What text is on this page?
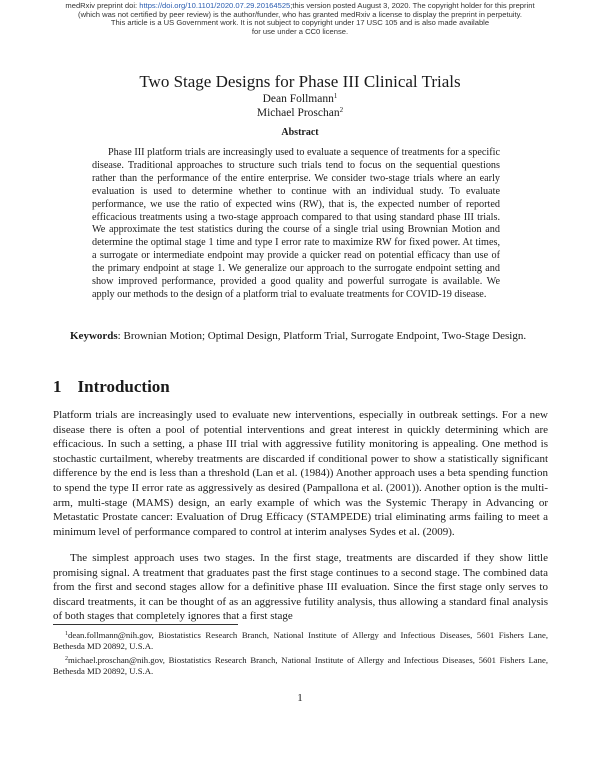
medRxiv preprint doi: https://doi.org/10.1101/2020.07.29.20164525;this version posted August 3, 2020. The copyright holder for this preprint
(which was not certified by peer review) is the author/funder, who has granted medRxiv a license to display the preprint in perpetuity.
This article is a US Government work. It is not subject to copyright under 17 USC 105 and is also made available
for use under a CC0 license.
Two Stage Designs for Phase III Clinical Trials
Dean Follmann$^1$
Michael Proschan$^2$
Abstract

Phase III platform trials are increasingly used to evaluate a sequence of treatments for a specific disease. Traditional approaches to structure such trials tend to focus on the sequential questions rather than the performance of the entire enterprise. We consider two-stage trials where an early evaluation is used to determine whether to continue with an individual study. To evaluate performance, we use the ratio of expected wins (RW), that is, the expected number of reported efficacious treatments using a two-stage approach compared to that using standard phase III trials. We approximate the test statistics during the course of a single trial using Brownian Motion and determine the optimal stage 1 time and type I error rate to maximize RW for fixed power. At times, a surrogate or intermediate endpoint may provide a quicker read on potential efficacy than use of the primary endpoint at stage 1. We generalize our approach to the surrogate endpoint setting and show improved performance, provided a good quality and powerful surrogate is available. We apply our methods to the design of a platform trial to evaluate treatments for COVID-19 disease.

Keywords: Brownian Motion; Optimal Design, Platform Trial, Surrogate Endpoint, Two-Stage Design.

1 Introduction

Platform trials are increasingly used to evaluate new interventions, especially in outbreak settings. For a new disease there is often a pool of potential interventions and great interest in quickly determining which are efficacious. In such a setting, a phase III trial with aggressive futility monitoring is appealing. One method is stochastic curtailment, whereby treatments are discarded if conditional power to show a statistically significant difference by the end is less than a threshold (Lan et al. (1984)) Another approach uses a beta spending function to spend the type II error rate as aggressively as desired (Pampallona et al. (2001)). Another option is the multi-arm, multi-stage (MAMS) design, an early example of which was the Systemic Therapy in Advancing or Metastatic Prostate cancer: Evaluation of Drug Efficacy (STAMPEDE) trial eliminating arms failing to meet a minimum level of performance compared to control at interim analyses Sydes et al. (2009).

The simplest approach uses two stages. In the first stage, treatments are discarded if they show little promising signal. A treatment that graduates past the first stage continues to a second stage. The combined data from the first and second stages allow for a definitive phase III evaluation. Since the first stage only serves to discard treatments, it can be thought of as an aggressive futility analysis, thus allowing a standard final analysis of both stages that completely ignores that a first stage

$^1$dean.follmann@nih.gov, Biostatistics Research Branch, National Institute of Allergy and Infectious Diseases, 5601 Fishers Lane, Bethesda MD 20892, U.S.A.

$^2$michael.proschan@nih.gov, Biostatistics Research Branch, National Institute of Allergy and Infectious Diseases, 5601 Fishers Lane, Bethesda MD 20892, U.S.A.

1
